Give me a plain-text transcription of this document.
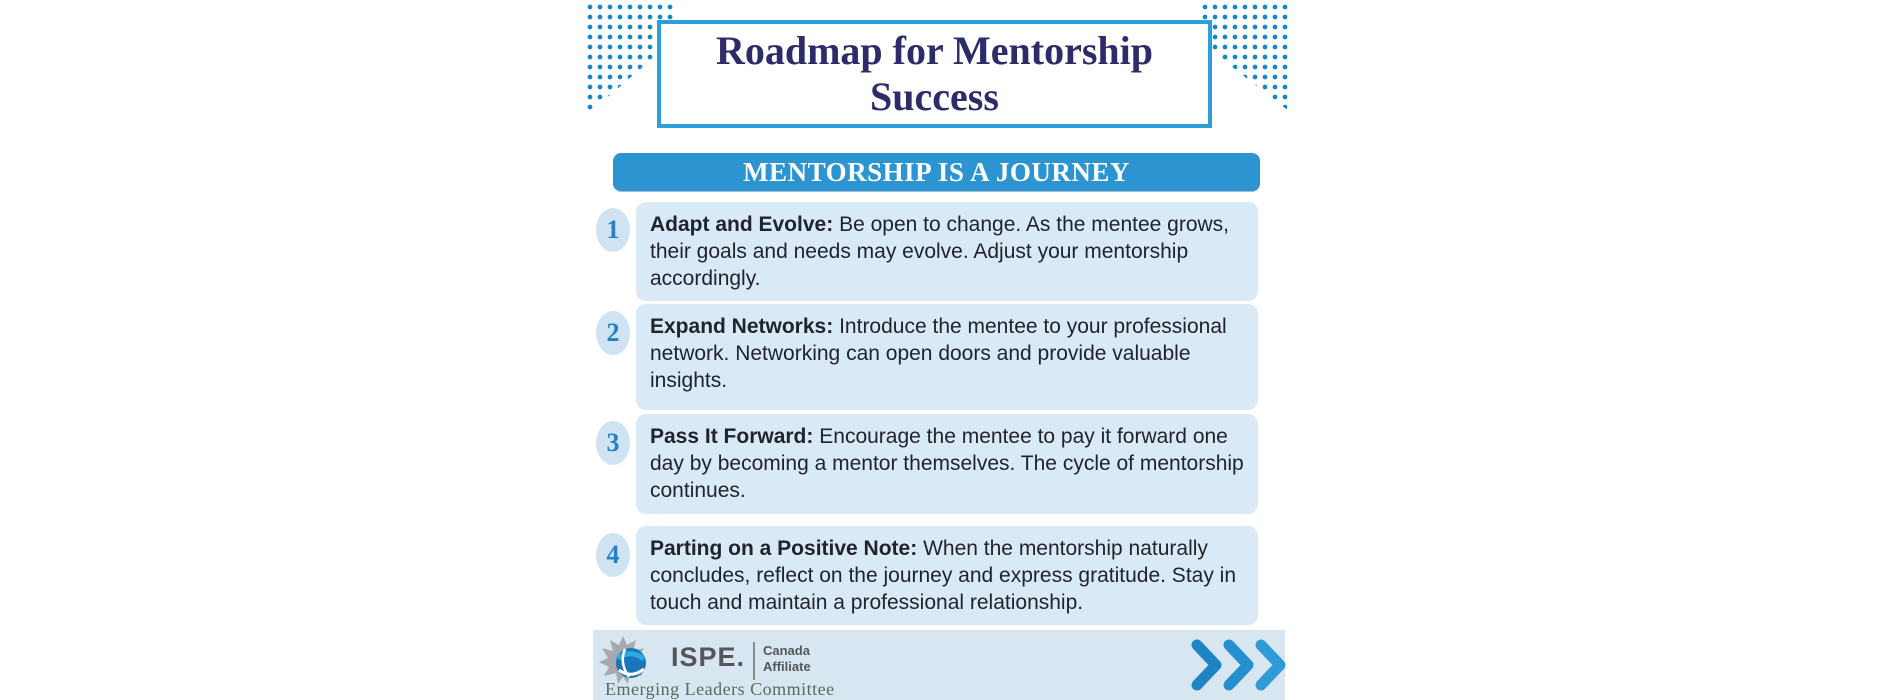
Roadmap for Mentorship
Success
MENTORSHIP IS A JOURNEY
1	Adapt and Evolve: Be open to change. As the mentee grows, their goals and needs may evolve. Adjust your mentorship accordingly.
2	Expand Networks: Introduce the mentee to your professional network. Networking can open doors and provide valuable insights.
3	Pass It Forward: Encourage the mentee to pay it forward one day by becoming a mentor themselves. The cycle of mentorship continues.
4	Parting on a Positive Note: When the mentorship naturally concludes, reflect on the journey and express gratitude. Stay in touch and maintain a professional relationship.
ISPE. Canada
Affiliate
Emerging Leaders Committee
